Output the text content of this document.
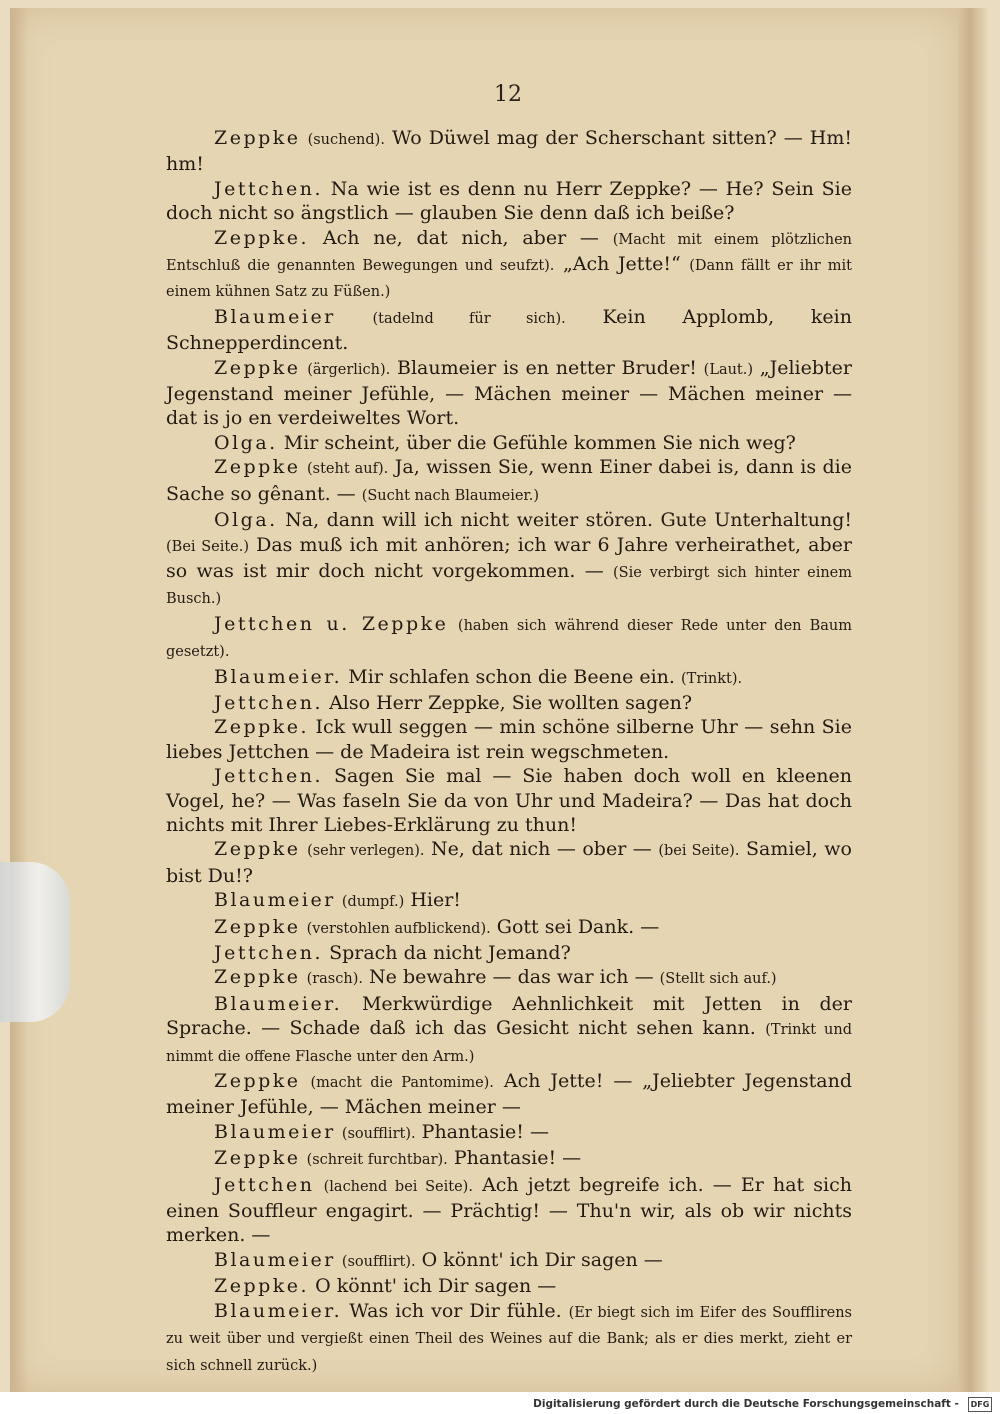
12

Zeppke (suchend). Wo Düwel mag der Scherschant sitten? — Hm! hm!

Jettchen. Na wie ist es denn nu Herr Zeppke? — He? Sein Sie doch nicht so ängstlich — glauben Sie denn daß ich beiße?

Zeppke. Ach ne, dat nich, aber — (Macht mit einem plötzlichen Entschluß die genannten Bewegungen und seufzt). „Ach Jette!“ (Dann fällt er ihr mit einem kühnen Satz zu Füßen.)

Blaumeier	(tadelnd für sich). Kein Applomb, kein Schnepperdincent.

Zeppke (ärgerlich). Blaumeier is en netter Bruder! (Laut.) „Jeliebter Jegenstand meiner Jefühle, — Mächen meiner — Mächen meiner — dat is jo en verdeiweltes Wort.

Olga. Mir scheint, über die Gefühle kommen Sie nich weg?

Zeppke (steht auf). Ja, wissen Sie, wenn Einer dabei is, dann is die Sache so gênant. — (Sucht nach Blaumeier.)

Olga. Na, dann will ich nicht weiter stören. Gute Unterhaltung! (Bei Seite.) Das muß ich mit anhören; ich war 6 Jahre verheirathet, aber so was ist mir doch nicht vorgekommen. — (Sie verbirgt sich hinter einem Busch.)

Jettchen u. Zeppke (haben sich während dieser Rede unter den Baum gesetzt).

Blaumeier. Mir schlafen schon die Beene ein. (Trinkt).

Jettchen. Also Herr Zeppke, Sie wollten sagen?

Zeppke. Ick wull seggen — min schöne silberne Uhr — sehn Sie liebes Jettchen — de Madeira ist rein wegschmeten.

Jettchen. Sagen Sie mal — Sie haben doch woll en kleenen Vogel, he? — Was faseln Sie da von Uhr und Madeira? — Das hat doch nichts mit Ihrer Liebes-Erklärung zu thun!

Zeppke (sehr verlegen). Ne, dat nich — ober — (bei Seite). Samiel, wo bist Du!?

Blaumeier (dumpf.) Hier!

Zeppke (verstohlen aufblickend). Gott sei Dank. —

Jettchen. Sprach da nicht Jemand?

Zeppke (rasch). Ne bewahre — das war ich — (Stellt sich auf.)

Blaumeier. Merkwürdige Aehnlichkeit mit Jetten in der Sprache. — Schade daß ich das Gesicht nicht sehen kann. (Trinkt und nimmt die offene Flasche unter den Arm.)

Zeppke (macht die Pantomime). Ach Jette! — „Jeliebter Jegenstand meiner Jefühle, — Mächen meiner —

Blaumeier (soufflirt). Phantasie! —

Zeppke (schreit furchtbar). Phantasie! —

Jettchen (lachend bei Seite). Ach jetzt begreife ich. — Er hat sich einen Souffleur engagirt. — Prächtig! — Thu'n wir, als ob wir nichts merken. —

Blaumeier (soufflirt). O könnt' ich Dir sagen —

Zeppke. O könnt' ich Dir sagen —

Blaumeier. Was ich vor Dir fühle. (Er biegt sich im Eifer des Soufflirens zu weit über und vergießt einen Theil des Weines auf die Bank; als er dies merkt, zieht er sich schnell zurück.)

Digitalisierung gefördert durch die Deutsche Forschungsgemeinschaft - DFG
